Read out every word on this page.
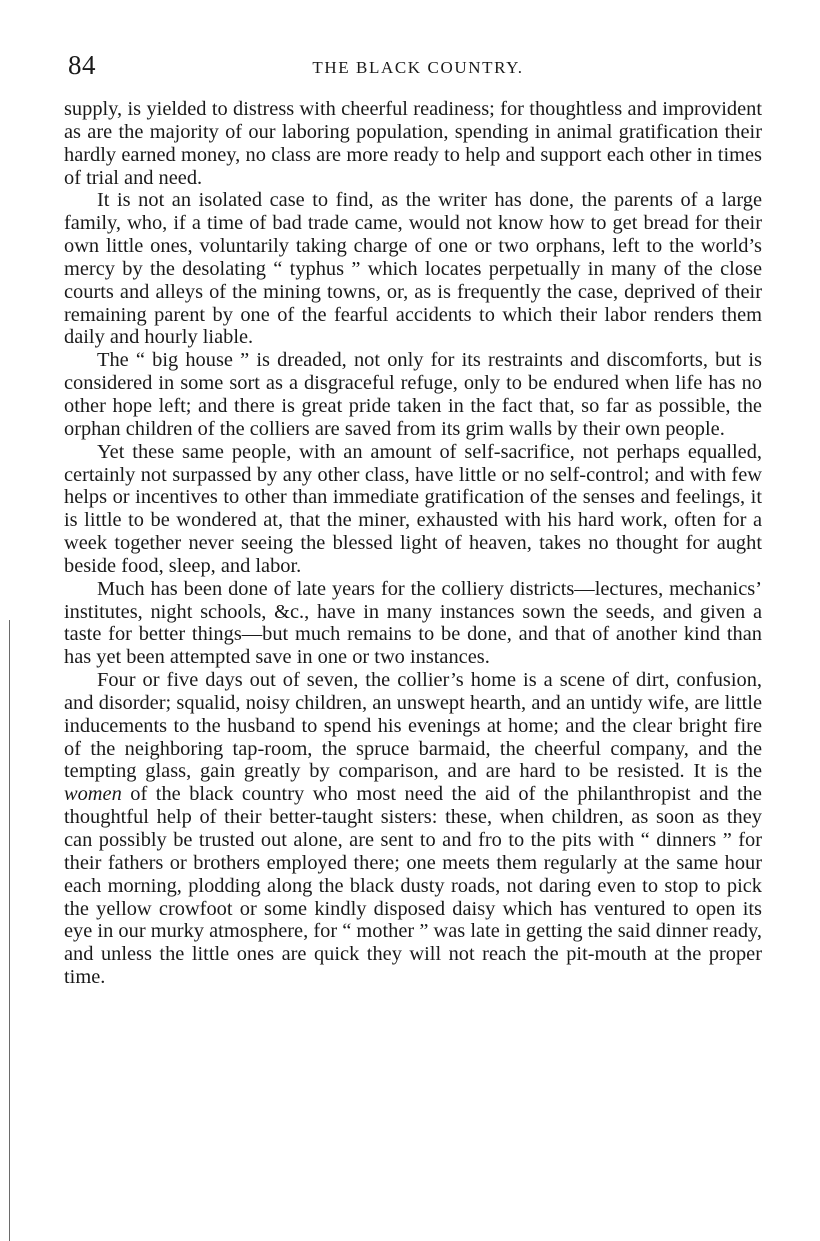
84	THE BLACK COUNTRY.

supply, is yielded to distress with cheerful readiness; for thoughtless and improvident as are the majority of our laboring population, spending in animal gratification their hardly earned money, no class are more ready to help and support each other in times of trial and need.

It is not an isolated case to find, as the writer has done, the parents of a large family, who, if a time of bad trade came, would not know how to get bread for their own little ones, voluntarily taking charge of one or two orphans, left to the world’s mercy by the desolating “ typhus ” which locates perpetually in many of the close courts and alleys of the mining towns, or, as is frequently the case, deprived of their remaining parent by one of the fearful accidents to which their labor renders them daily and hourly liable.

The “ big house ” is dreaded, not only for its restraints and discomforts, but is considered in some sort as a disgraceful refuge, only to be endured when life has no other hope left; and there is great pride taken in the fact that, so far as possible, the orphan children of the colliers are saved from its grim walls by their own people.

Yet these same people, with an amount of self-sacrifice, not perhaps equalled, certainly not surpassed by any other class, have little or no self-control; and with few helps or incentives to other than immediate gratification of the senses and feelings, it is little to be wondered at, that the miner, exhausted with his hard work, often for a week together never seeing the blessed light of heaven, takes no thought for aught beside food, sleep, and labor.

Much has been done of late years for the colliery districts—lectures, mechanics’ institutes, night schools, &c., have in many instances sown the seeds, and given a taste for better things—but much remains to be done, and that of another kind than has yet been attempted save in one or two instances.

Four or five days out of seven, the collier’s home is a scene of dirt, confusion, and disorder; squalid, noisy children, an unswept hearth, and an untidy wife, are little inducements to the husband to spend his evenings at home; and the clear bright fire of the neighboring tap-room, the spruce barmaid, the cheerful company, and the tempting glass, gain greatly by comparison, and are hard to be resisted. It is the women of the black country who most need the aid of the philanthropist and the thoughtful help of their better-taught sisters: these, when children, as soon as they can possibly be trusted out alone, are sent to and fro to the pits with “ dinners ” for their fathers or brothers employed there; one meets them regularly at the same hour each morning, plodding along the black dusty roads, not daring even to stop to pick the yellow crowfoot or some kindly disposed daisy which has ventured to open its eye in our murky atmosphere, for “ mother ” was late in getting the said dinner ready, and unless the little ones are quick they will not reach the pit-mouth at the proper time.
